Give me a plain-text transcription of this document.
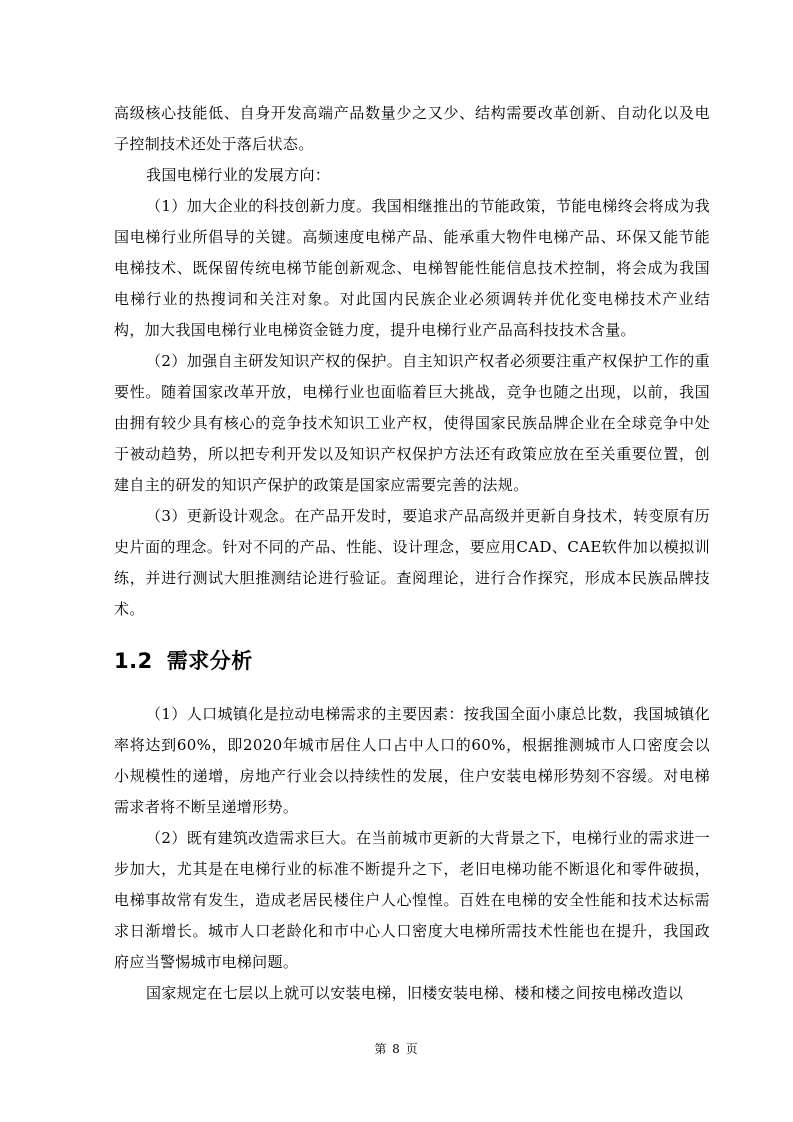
高级核心技能低、自身开发高端产品数量少之又少、结构需要改革创新、自动化以及电子控制技术还处于落后状态。

我国电梯行业的发展方向：

（1）加大企业的科技创新力度。我国相继推出的节能政策，节能电梯终会将成为我国电梯行业所倡导的关键。高频速度电梯产品、能承重大物件电梯产品、环保又能节能电梯技术、既保留传统电梯节能创新观念、电梯智能性能信息技术控制，将会成为我国电梯行业的热搜词和关注对象。对此国内民族企业必须调转并优化变电梯技术产业结构，加大我国电梯行业电梯资金链力度，提升电梯行业产品高科技技术含量。

（2）加强自主研发知识产权的保护。自主知识产权者必须要注重产权保护工作的重要性。随着国家改革开放，电梯行业也面临着巨大挑战，竞争也随之出现，以前，我国由拥有较少具有核心的竞争技术知识工业产权，使得国家民族品牌企业在全球竞争中处于被动趋势，所以把专利开发以及知识产权保护方法还有政策应放在至关重要位置，创建自主的研发的知识产保护的政策是国家应需要完善的法规。

（3）更新设计观念。在产品开发时，要追求产品高级并更新自身技术，转变原有历史片面的理念。针对不同的产品、性能、设计理念，要应用CAD、CAE软件加以模拟训练，并进行测试大胆推测结论进行验证。查阅理论，进行合作探究，形成本民族品牌技术。

1.2 需求分析

（1）人口城镇化是拉动电梯需求的主要因素：按我国全面小康总比数，我国城镇化率将达到60%，即2020年城市居住人口占中人口的60%，根据推测城市人口密度会以小规模性的递增，房地产行业会以持续性的发展，住户安装电梯形势刻不容缓。对电梯需求者将不断呈递增形势。

（2）既有建筑改造需求巨大。在当前城市更新的大背景之下，电梯行业的需求进一步加大，尤其是在电梯行业的标准不断提升之下，老旧电梯功能不断退化和零件破损，电梯事故常有发生，造成老居民楼住户人心惶惶。百姓在电梯的安全性能和技术达标需求日渐增长。城市人口老龄化和市中心人口密度大电梯所需技术性能也在提升，我国政府应当警惕城市电梯问题。

国家规定在七层以上就可以安装电梯，旧楼安装电梯、楼和楼之间按电梯改造以

第 8 页
